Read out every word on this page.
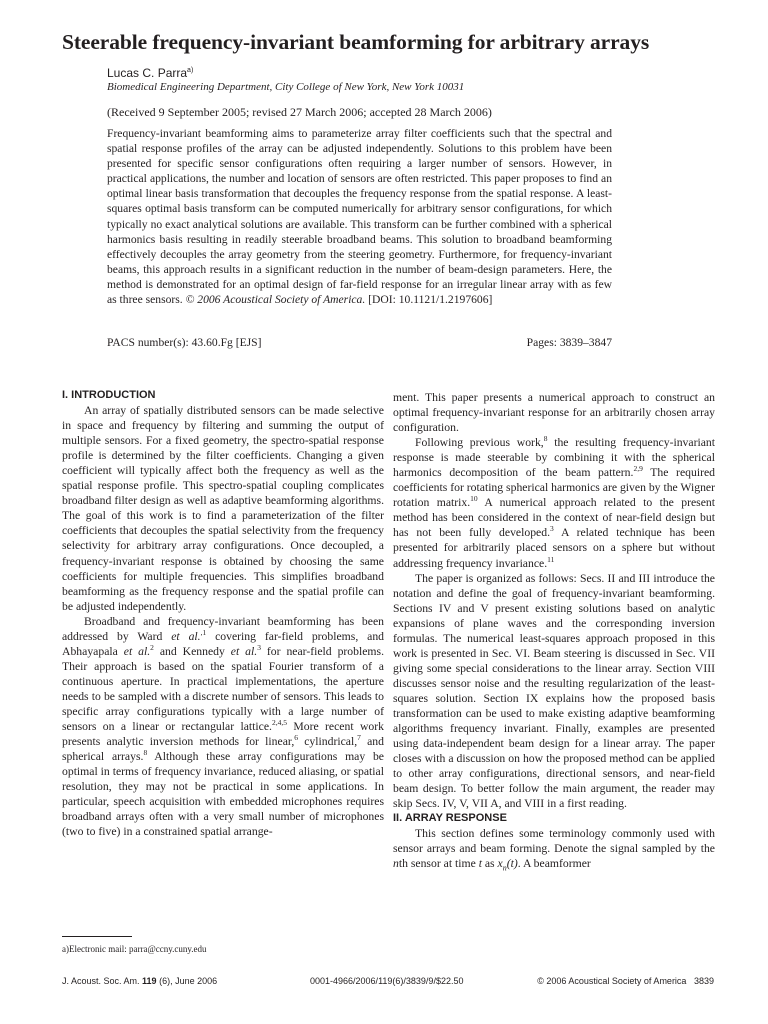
Steerable frequency-invariant beamforming for arbitrary arrays
Lucas C. Parra$^{a)}$
Biomedical Engineering Department, City College of New York, New York 10031
(Received 9 September 2005; revised 27 March 2006; accepted 28 March 2006)
Frequency-invariant beamforming aims to parameterize array filter coefficients such that the spectral and spatial response profiles of the array can be adjusted independently. Solutions to this problem have been presented for specific sensor configurations often requiring a larger number of sensors. However, in practical applications, the number and location of sensors are often restricted. This paper proposes to find an optimal linear basis transformation that decouples the frequency response from the spatial response. A least-squares optimal basis transform can be computed numerically for arbitrary sensor configurations, for which typically no exact analytical solutions are available. This transform can be further combined with a spherical harmonics basis resulting in readily steerable broadband beams. This solution to broadband beamforming effectively decouples the array geometry from the steering geometry. Furthermore, for frequency-invariant beams, this approach results in a significant reduction in the number of beam-design parameters. Here, the method is demonstrated for an optimal design of far-field response for an irregular linear array with as few as three sensors. © 2006 Acoustical Society of America. [DOI: 10.1121/1.2197606]
PACS number(s): 43.60.Fg [EJS]	Pages: 3839–3847

I. INTRODUCTION

An array of spatially distributed sensors can be made selective in space and frequency by filtering and summing the output of multiple sensors. For a fixed geometry, the spectro-spatial response profile is determined by the filter coefficients. Changing a given coefficient will typically affect both the frequency as well as the spatial response profile. This spectro-spatial coupling complicates broadband filter design as well as adaptive beamforming algorithms. The goal of this work is to find a parameterization of the filter coefficients that decouples the spatial selectivity from the frequency selectivity for arbitrary array configurations. Once decoupled, a frequency-invariant response is obtained by choosing the same coefficients for multiple frequencies. This simplifies broadband beamforming as the frequency response and the spatial profile can be adjusted independently.

Broadband and frequency-invariant beamforming has been addressed by Ward et al.$^{,1}$ covering far-field problems, and Abhayapala et al.$^2$ and Kennedy et al.$^3$ for near-field problems. Their approach is based on the spatial Fourier transform of a continuous aperture. In practical implementations, the aperture needs to be sampled with a discrete number of sensors. This leads to specific array configurations typically with a large number of sensors on a linear or rectangular lattice.$^{2,4,5}$ More recent work presents analytic inversion methods for linear,$^6$ cylindrical,$^7$ and spherical arrays.$^8$ Although these array configurations may be optimal in terms of frequency invariance, reduced aliasing, or spatial resolution, they may not be practical in some applications. In particular, speech acquisition with embedded microphones requires broadband arrays often with a very small number of microphones (two to five) in a constrained spatial arrange-

ment. This paper presents a numerical approach to construct an optimal frequency-invariant response for an arbitrarily chosen array configuration.

Following previous work,$^8$ the resulting frequency-invariant response is made steerable by combining it with the spherical harmonics decomposition of the beam pattern.$^{2,9}$ The required coefficients for rotating spherical harmonics are given by the Wigner rotation matrix.$^{10}$ A numerical approach related to the present method has been considered in the context of near-field design but has not been fully developed.$^3$ A related technique has been presented for arbitrarily placed sensors on a sphere but without addressing frequency invariance.$^{11}$

The paper is organized as follows: Secs. II and III introduce the notation and define the goal of frequency-invariant beamforming. Sections IV and V present existing solutions based on analytic expansions of plane waves and the corresponding inversion formulas. The numerical least-squares approach proposed in this work is presented in Sec. VI. Beam steering is discussed in Sec. VII giving some special considerations to the linear array. Section VIII discusses sensor noise and the resulting regularization of the least-squares solution. Section IX explains how the proposed basis transformation can be used to make existing adaptive beamforming algorithms frequency invariant. Finally, examples are presented using data-independent beam design for a linear array. The paper closes with a discussion on how the proposed method can be applied to other array configurations, directional sensors, and near-field beam design. To better follow the main argument, the reader may skip Secs. IV, V, VII A, and VIII in a first reading.

II. ARRAY RESPONSE

This section defines some terminology commonly used with sensor arrays and beam forming. Denote the signal sampled by the nth sensor at time t as $x_n(t)$. A beamformer

a)Electronic mail: parra@ccny.cuny.edu
J. Acoust. Soc. Am. 119 (6), June 2006	0001-4966/2006/119(6)/3839/9/$22.50	© 2006 Acoustical Society of America 3839
